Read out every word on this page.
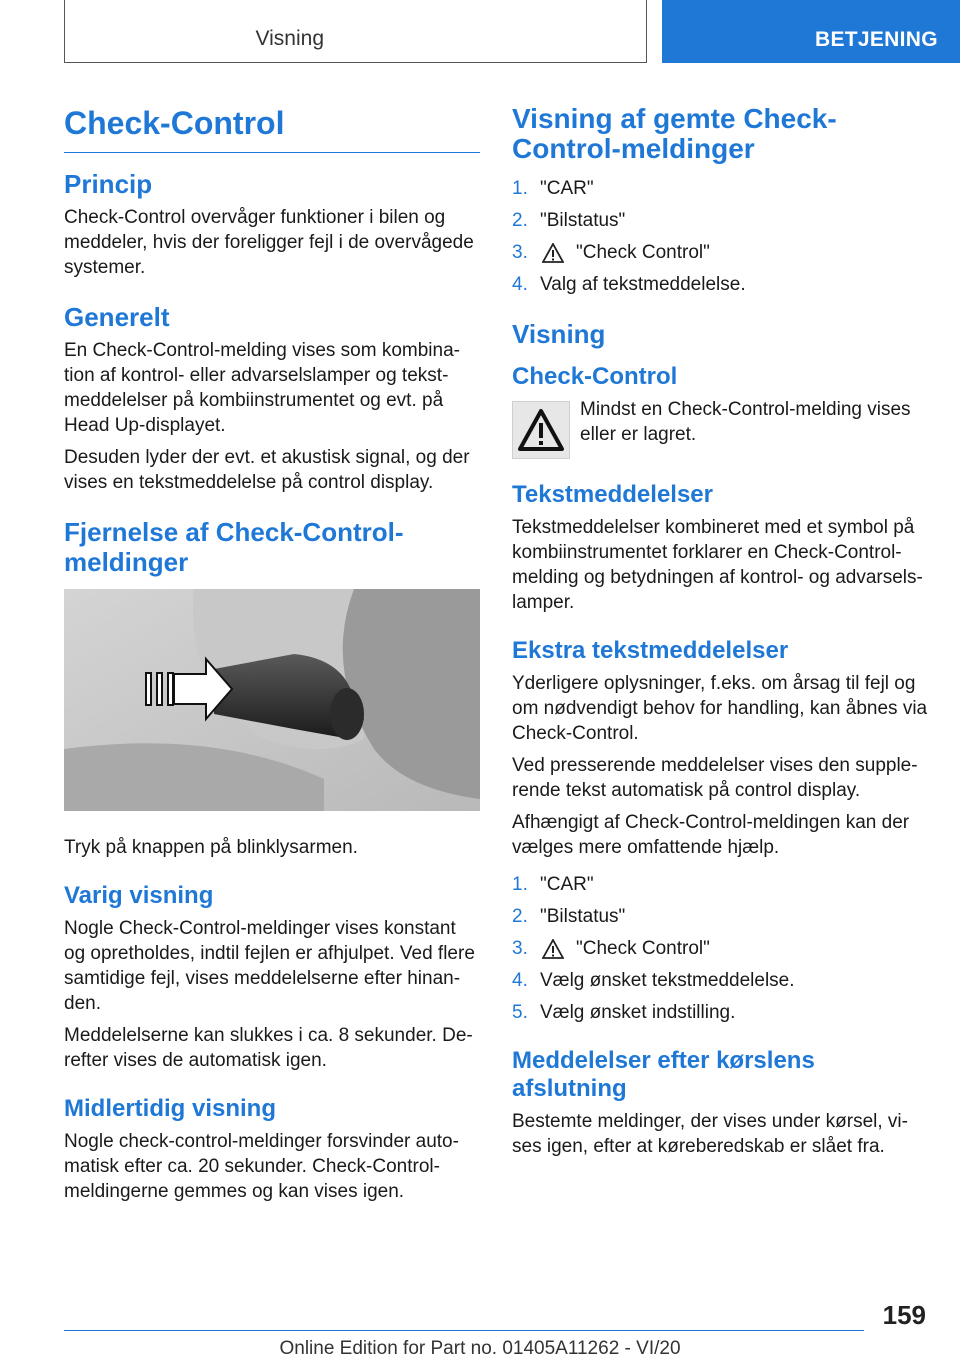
Visning	BETJENING
Check-Control
Princip
Check-Control overvåger funktioner i bilen og meddeler, hvis der foreligger fejl i de overvågede systemer.
Generelt
En Check-Control-melding vises som kombination af kontrol- eller advarselslamper og tekstmeddelelser på kombiinstrumentet og evt. på Head Up-displayet.
Desuden lyder der evt. et akustisk signal, og der vises en tekstmeddelelse på control display.
Fjernelse af Check-Control-meldinger
Tryk på knappen på blinklysarmen.
Varig visning
Nogle Check-Control-meldinger vises konstant og opretholdes, indtil fejlen er afhjulpet. Ved flere samtidige fejl, vises meddelelserne efter hinanden.
Meddelelserne kan slukkes i ca. 8 sekunder. Derefter vises de automatisk igen.
Midlertidig visning
Nogle check-control-meldinger forsvinder automatisk efter ca. 20 sekunder. Check-Control-meldingerne gemmes og kan vises igen.
Visning af gemte Check-Control-meldinger
1. "CAR"
2. "Bilstatus"
3.	"Check Control"
4. Valg af tekstmeddelelse.
Visning
Check-Control
Mindst en Check-Control-melding vises eller er lagret.
Tekstmeddelelser
Tekstmeddelelser kombineret med et symbol på kombiinstrumentet forklarer en Check-Control-melding og betydningen af kontrol- og advarselslamper.
Ekstra tekstmeddelelser
Yderligere oplysninger, f.eks. om årsag til fejl og om nødvendigt behov for handling, kan åbnes via Check-Control.
Ved presserende meddelelser vises den supplerende tekst automatisk på control display.
Afhængigt af Check-Control-meldingen kan der vælges mere omfattende hjælp.
1. "CAR"
2. "Bilstatus"
3.	"Check Control"
4. Vælg ønsket tekstmeddelelse.
5. Vælg ønsket indstilling.
Meddelelser efter kørslens afslutning
Bestemte meldinger, der vises under kørsel, vises igen, efter at køreberedskab er slået fra.
159
Online Edition for Part no. 01405A11262 - VI/20
